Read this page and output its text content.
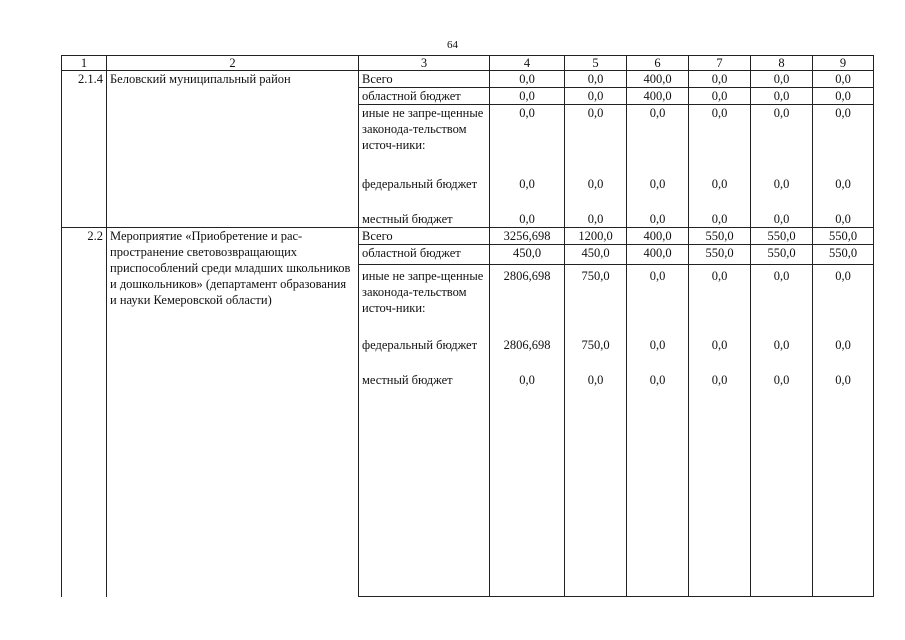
64
1	2	3	4	5	6	7	8	9
2.1.4	Беловский муниципальный район	Всего	0,0	0,0	400,0	0,0	0,0	0,0
		областной бюджет	0,0	0,0	400,0	0,0	0,0	0,0
		иные не запре-щенные законода-тельством источ-ники:	0,0	0,0	0,0	0,0	0,0	0,0
		федеральный бюджет	0,0	0,0	0,0	0,0	0,0	0,0
		местный бюджет	0,0	0,0	0,0	0,0	0,0	0,0
2.2	Мероприятие «Приобретение и рас-пространение световозвращающих приспособлений среди младших школьников и дошкольников» (департамент образования и науки Кемеровской области)	Всего	3256,698	1200,0	400,0	550,0	550,0	550,0
		областной бюджет	450,0	450,0	400,0	550,0	550,0	550,0
		иные не запре-щенные законода-тельством источ-ники:	2806,698	750,0	0,0	0,0	0,0	0,0
		федеральный бюджет	2806,698	750,0	0,0	0,0	0,0	0,0
		местный бюджет	0,0	0,0	0,0	0,0	0,0	0,0
